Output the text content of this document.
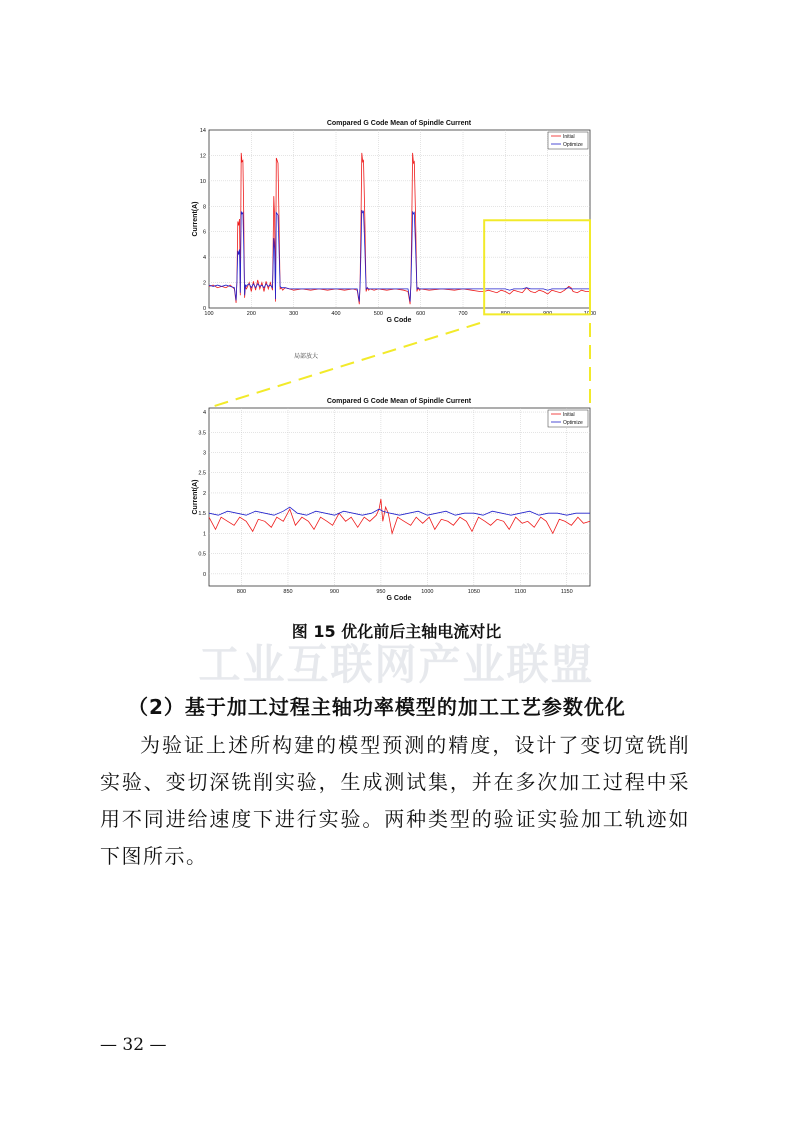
100	200	300	400	500	600	700	800	900	1000
0
2
4
6
8
10
12
14
Compared G Code Mean of Spindle Current
G Code
Current(A)
Initial
Optimize
局部放大
800	850	900	950	1000	1050	1100	1150
0
0.5
1
1.5
2
2.5
3
3.5
4
Compared G Code Mean of Spindle Current
G Code
Current(A)
Initial
Optimize
图 15 优化前后主轴电流对比
工业互联网产业联盟
（2）基于加工过程主轴功率模型的加工工艺参数优化

为验证上述所构建的模型预测的精度，设计了变切宽铣削实验、变切深铣削实验，生成测试集，并在多次加工过程中采用不同进给速度下进行实验。两种类型的验证实验加工轨迹如下图所示。

— 32 —
